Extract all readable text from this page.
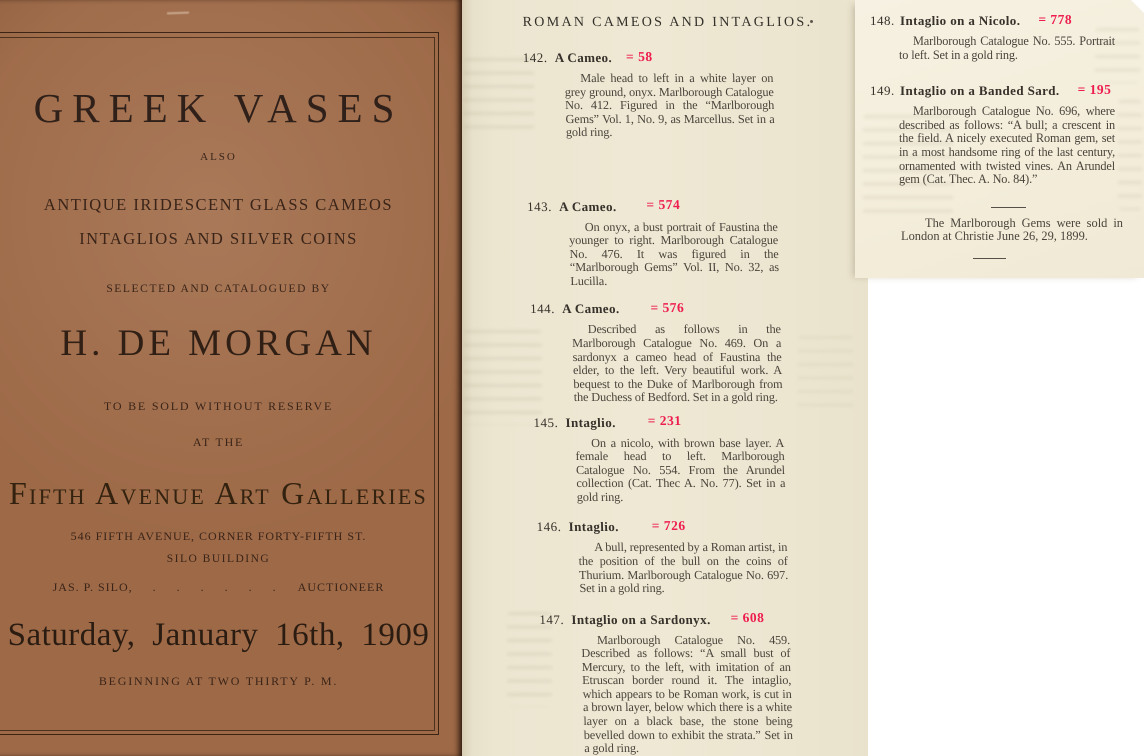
GREEK VASES
ALSO
ANTIQUE IRIDESCENT GLASS CAMEOS
INTAGLIOS AND SILVER COINS
SELECTED AND CATALOGUED BY
H. DE MORGAN
TO BE SOLD WITHOUT RESERVE
AT THE
Fifth Avenue Art Galleries
546 FIFTH AVENUE, CORNER FORTY-FIFTH ST.
SILO BUILDING
JAS. P. SILO, . . . . . . AUCTIONEER
Saturday, January 16th, 1909
BEGINNING AT TWO THIRTY P. M.
ROMAN CAMEOS AND INTAGLIOS.
142. A Cameo. = 58

Male head to left in a white layer on grey ground, onyx. Marlborough Catalogue No. 412. Figured in the “Marlborough Gems” Vol. 1, No. 9, as Marcellus. Set in a gold ring.

143. A Cameo. = 574

On onyx, a bust portrait of Faustina the younger to right. Marlborough Catalogue No. 476. It was figured in the “Marlborough Gems” Vol. II, No. 32, as Lucilla.

144. A Cameo. = 576

Described as follows in the Marlborough Catalogue No. 469. On a sardonyx a cameo head of Faustina the elder, to the left. Very beautiful work. A bequest to the Duke of Marlborough from the Duchess of Bedford. Set in a gold ring.

145. Intaglio. = 231

On a nicolo, with brown base layer. A female head to left. Marlborough Catalogue No. 554. From the Arundel collection (Cat. Thec A. No. 77). Set in a gold ring.

146. Intaglio. = 726

A bull, represented by a Roman artist, in the position of the bull on the coins of Thurium. Marlborough Catalogue No. 697. Set in a gold ring.

147. Intaglio on a Sardonyx. = 608

Marlborough Catalogue No. 459. Described as follows: “A small bust of Mercury, to the left, with imitation of an Etruscan border round it. The intaglio, which appears to be Roman work, is cut in a brown layer, below which there is a white layer on a black base, the stone being bevelled down to exhibit the strata.” Set in a gold ring.

148. Intaglio on a Nicolo. = 778

Marlborough Catalogue No. 555. Portrait to left. Set in a gold ring.

149. Intaglio on a Banded Sard. = 195

Marlborough Catalogue No. 696, where described as follows: “A bull; a crescent in the field. A nicely executed Roman gem, set in a most handsome ring of the last century, ornamented with twisted vines. An Arundel gem (Cat. Thec. A. No. 84).”

The Marlborough Gems were sold in London at Christie June 26, 29, 1899.
